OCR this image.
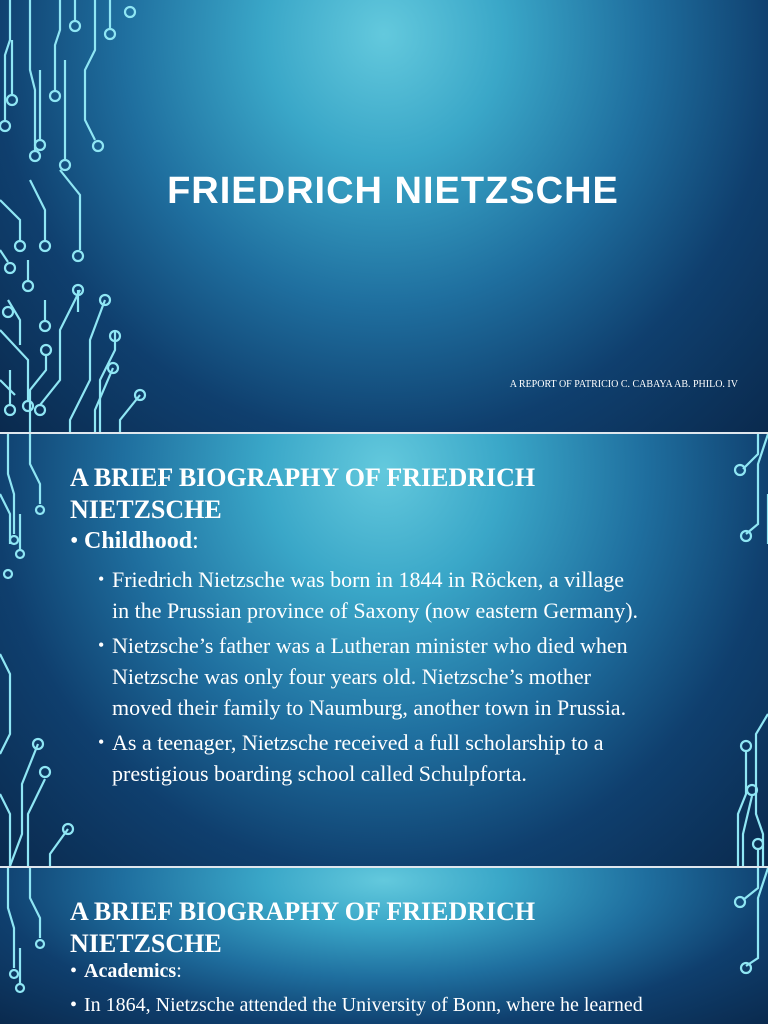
FRIEDRICH NIETZSCHE
A REPORT OF PATRICIO C. CABAYA AB. PHILO. IV
A BRIEF BIOGRAPHY OF FRIEDRICH
NIETZSCHE
• Childhood:
• Friedrich Nietzsche was born in 1844 in Röcken, a village
in the Prussian province of Saxony (now eastern Germany).
• Nietzsche’s father was a Lutheran minister who died when
Nietzsche was only four years old. Nietzsche’s mother
moved their family to Naumburg, another town in Prussia.
• As a teenager, Nietzsche received a full scholarship to a
prestigious boarding school called Schulpforta.
A BRIEF BIOGRAPHY OF FRIEDRICH
NIETZSCHE
• Academics:
• In 1864, Nietzsche attended the University of Bonn, where he learned
